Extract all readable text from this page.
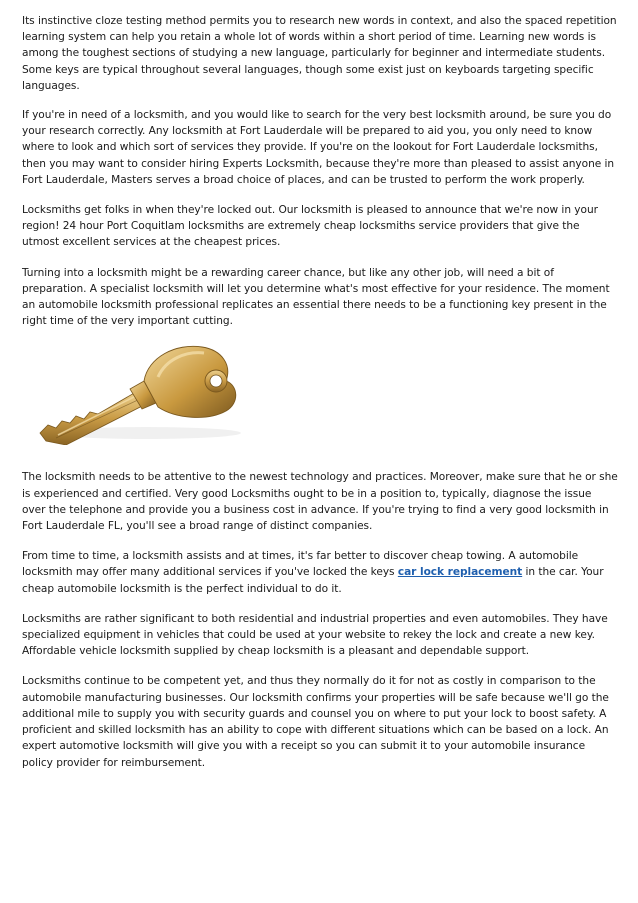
Its instinctive cloze testing method permits you to research new words in context, and also the spaced repetition learning system can help you retain a whole lot of words within a short period of time. Learning new words is among the toughest sections of studying a new language, particularly for beginner and intermediate students. Some keys are typical throughout several languages, though some exist just on keyboards targeting specific languages.

If you're in need of a locksmith, and you would like to search for the very best locksmith around, be sure you do your research correctly. Any locksmith at Fort Lauderdale will be prepared to aid you, you only need to know where to look and which sort of services they provide. If you're on the lookout for Fort Lauderdale locksmiths, then you may want to consider hiring Experts Locksmith, because they're more than pleased to assist anyone in Fort Lauderdale, Masters serves a broad choice of places, and can be trusted to perform the work properly.

Locksmiths get folks in when they're locked out. Our locksmith is pleased to announce that we're now in your region! 24 hour Port Coquitlam locksmiths are extremely cheap locksmiths service providers that give the utmost excellent services at the cheapest prices.

Turning into a locksmith might be a rewarding career chance, but like any other job, will need a bit of preparation. A specialist locksmith will let you determine what's most effective for your residence. The moment an automobile locksmith professional replicates an essential there needs to be a functioning key present in the right time of the very important cutting.

The locksmith needs to be attentive to the newest technology and practices. Moreover, make sure that he or she is experienced and certified. Very good Locksmiths ought to be in a position to, typically, diagnose the issue over the telephone and provide you a business cost in advance. If you're trying to find a very good locksmith in Fort Lauderdale FL, you'll see a broad range of distinct companies.

From time to time, a locksmith assists and at times, it's far better to discover cheap towing. A automobile locksmith may offer many additional services if you've locked the keys car lock replacement in the car. Your cheap automobile locksmith is the perfect individual to do it.

Locksmiths are rather significant to both residential and industrial properties and even automobiles. They have specialized equipment in vehicles that could be used at your website to rekey the lock and create a new key. Affordable vehicle locksmith supplied by cheap locksmith is a pleasant and dependable support.

Locksmiths continue to be competent yet, and thus they normally do it for not as costly in comparison to the automobile manufacturing businesses. Our locksmith confirms your properties will be safe because we'll go the additional mile to supply you with security guards and counsel you on where to put your lock to boost safety. A proficient and skilled locksmith has an ability to cope with different situations which can be based on a lock. An expert automotive locksmith will give you with a receipt so you can submit it to your automobile insurance policy provider for reimbursement.
